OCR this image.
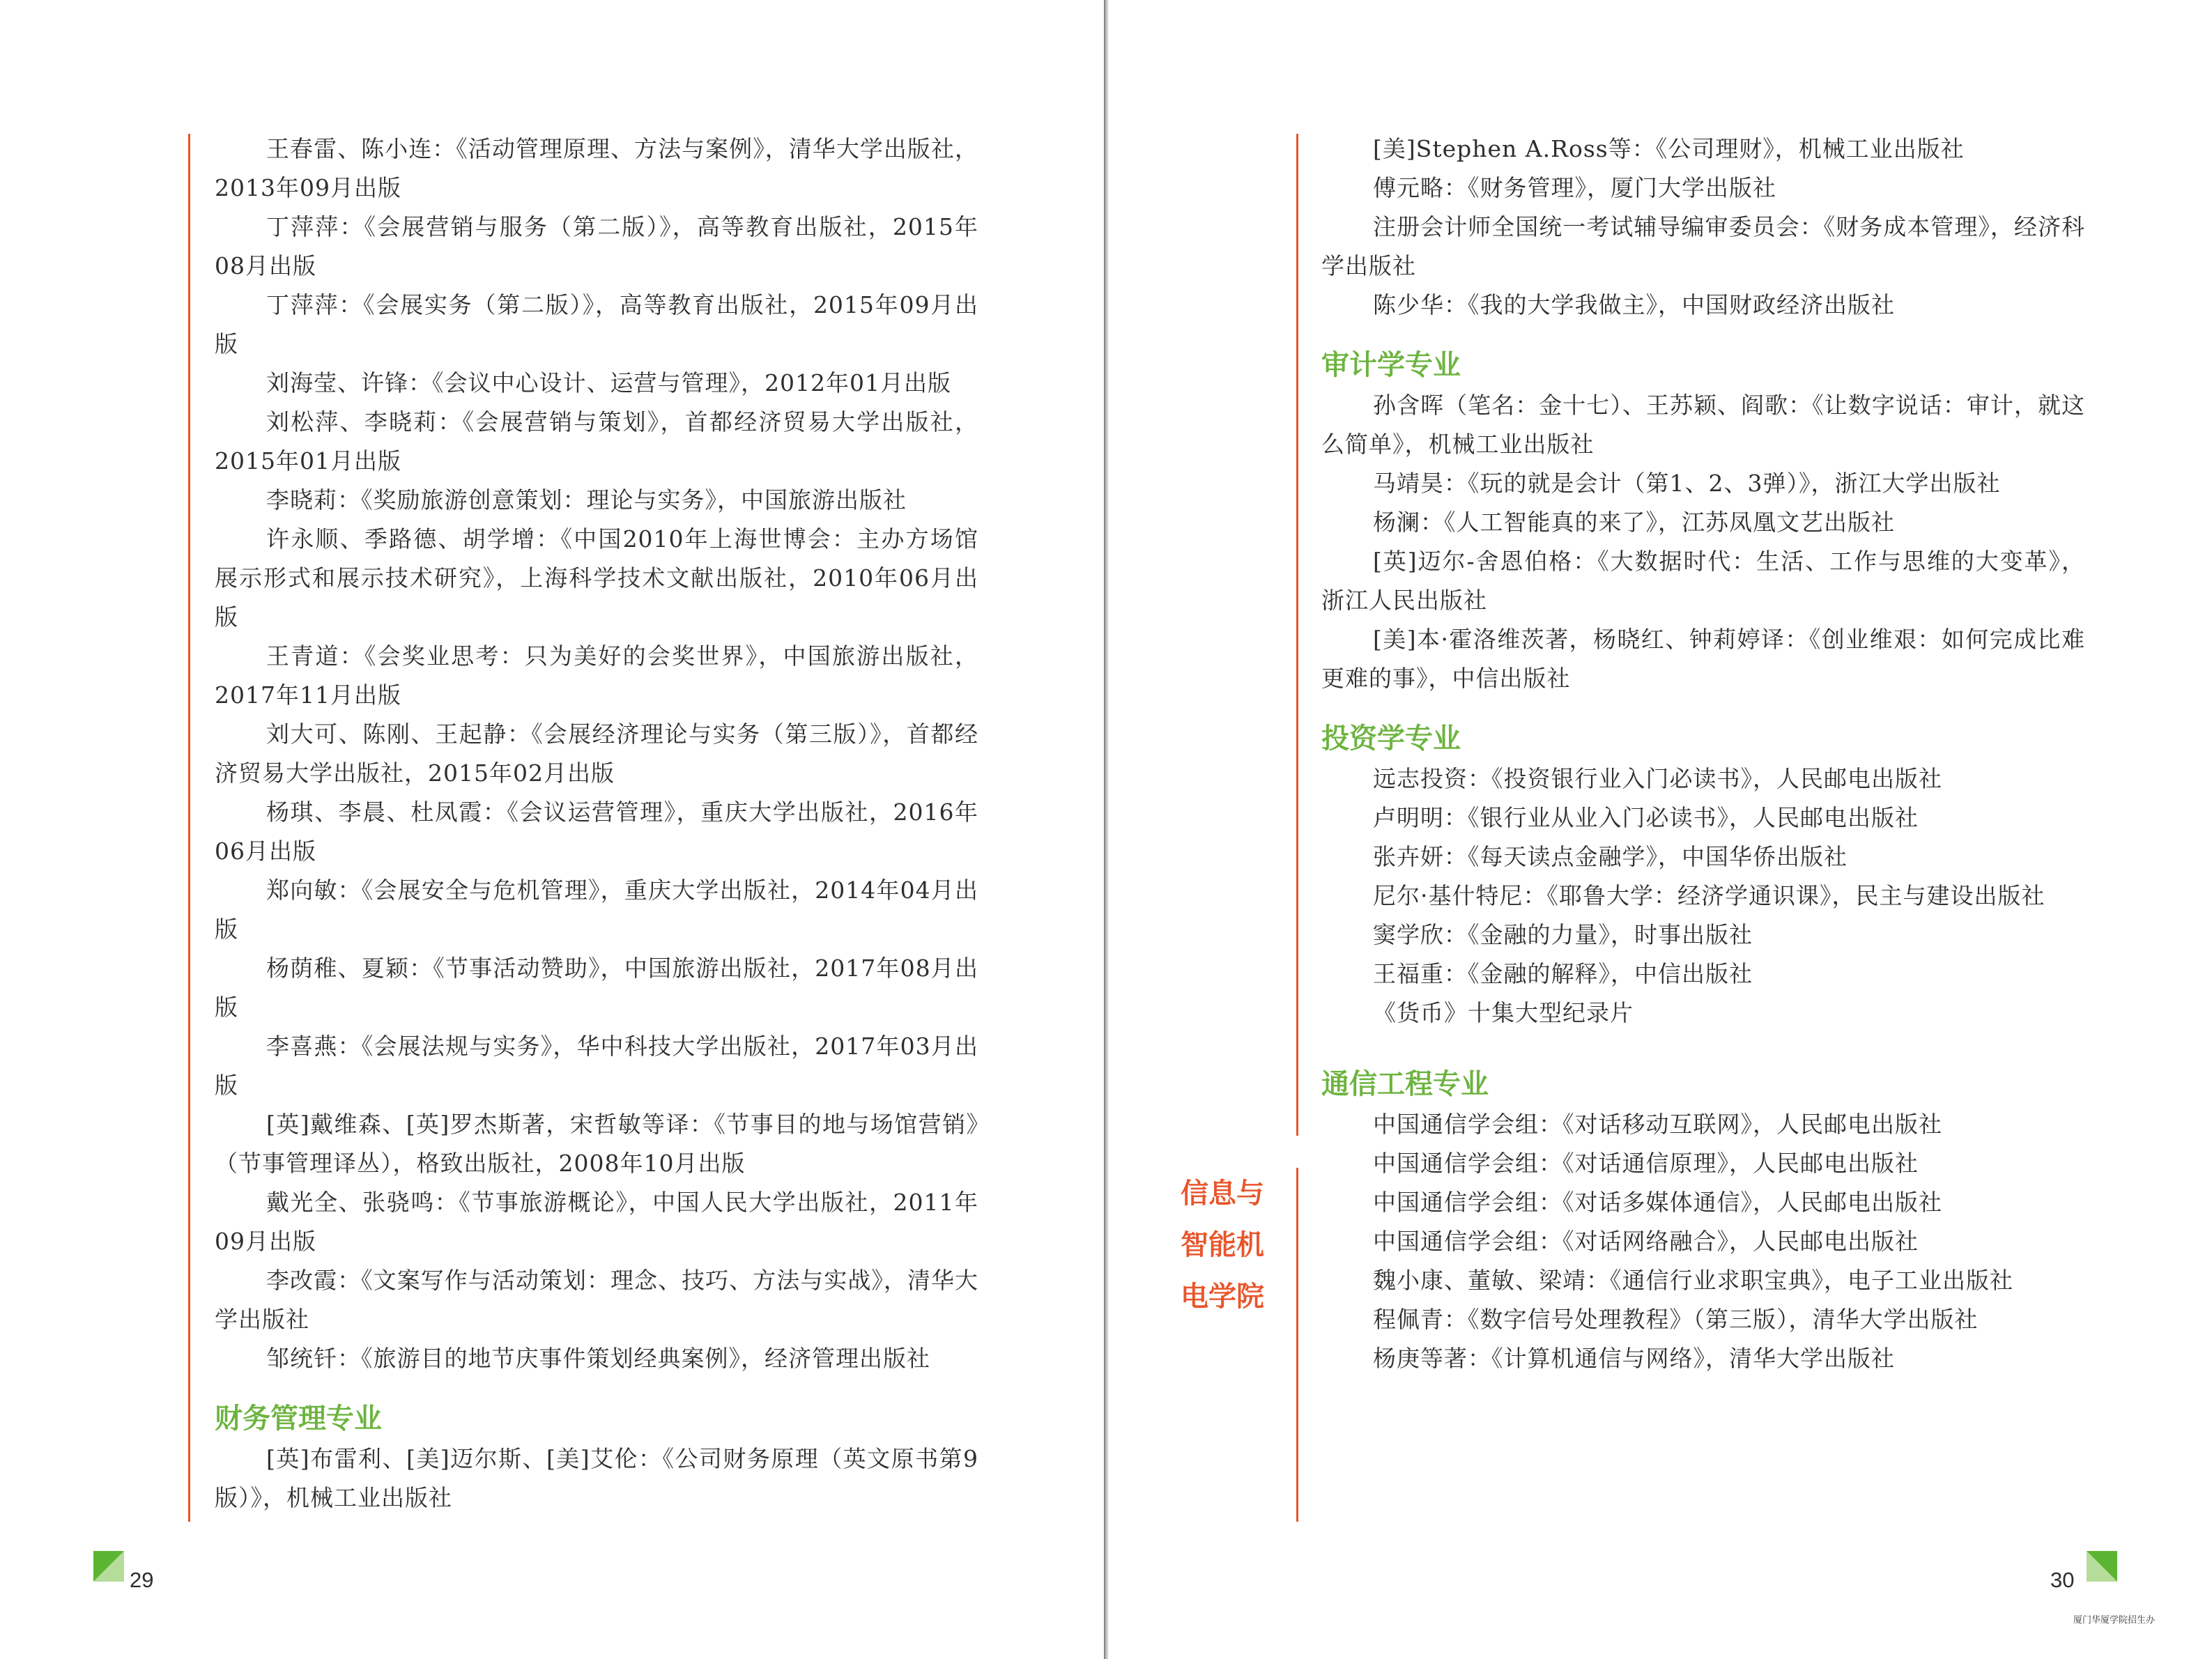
王春雷、陈小连：《活动管理原理、方法与案例》，清华大学出版社，2013年09月出版

丁萍萍：《会展营销与服务（第二版）》，高等教育出版社，2015年08月出版

丁萍萍：《会展实务（第二版）》，高等教育出版社，2015年09月出版

刘海莹、许锋：《会议中心设计、运营与管理》，2012年01月出版

刘松萍、李晓莉：《会展营销与策划》，首都经济贸易大学出版社，2015年01月出版

李晓莉：《奖励旅游创意策划：理论与实务》，中国旅游出版社

许永顺、季路德、胡学增：《中国2010年上海世博会：主办方场馆展示形式和展示技术研究》，上海科学技术文献出版社，2010年06月出版

王青道：《会奖业思考：只为美好的会奖世界》，中国旅游出版社，2017年11月出版

刘大可、陈刚、王起静：《会展经济理论与实务（第三版）》，首都经济贸易大学出版社，2015年02月出版

杨琪、李晨、杜凤霞：《会议运营管理》，重庆大学出版社，2016年06月出版

郑向敏：《会展安全与危机管理》，重庆大学出版社，2014年04月出版

杨荫稚、夏颖：《节事活动赞助》，中国旅游出版社，2017年08月出版

李喜燕：《会展法规与实务》，华中科技大学出版社，2017年03月出版

[英]戴维森、[英]罗杰斯著，宋哲敏等译：《节事目的地与场馆营销》（节事管理译丛），格致出版社，2008年10月出版

戴光全、张骁鸣：《节事旅游概论》，中国人民大学出版社，2011年09月出版

李改霞：《文案写作与活动策划：理念、技巧、方法与实战》，清华大学出版社

邹统钎：《旅游目的地节庆事件策划经典案例》，经济管理出版社

财务管理专业

[英]布雷利、[美]迈尔斯、[美]艾伦：《公司财务原理（英文原书第9版）》，机械工业出版社

29

[美]Stephen A.Ross等：《公司理财》，机械工业出版社

傅元略：《财务管理》，厦门大学出版社

注册会计师全国统一考试辅导编审委员会：《财务成本管理》，经济科学出版社

陈少华：《我的大学我做主》，中国财政经济出版社

审计学专业

孙含晖（笔名：金十七）、王苏颖、阎歌：《让数字说话：审计，就这么简单》，机械工业出版社

马靖昊：《玩的就是会计（第1、2、3弹）》，浙江大学出版社

杨澜：《人工智能真的来了》，江苏凤凰文艺出版社

[英]迈尔-舍恩伯格：《大数据时代：生活、工作与思维的大变革》，浙江人民出版社

[美]本·霍洛维茨著，杨晓红、钟莉婷译：《创业维艰：如何完成比难更难的事》，中信出版社

投资学专业

远志投资：《投资银行业入门必读书》，人民邮电出版社

卢明明：《银行业从业入门必读书》，人民邮电出版社

张卉妍：《每天读点金融学》，中国华侨出版社

尼尔·基什特尼：《耶鲁大学：经济学通识课》，民主与建设出版社

窦学欣：《金融的力量》，时事出版社

王福重：《金融的解释》，中信出版社

《货币》十集大型纪录片

通信工程专业

中国通信学会组：《对话移动互联网》，人民邮电出版社

中国通信学会组：《对话通信原理》，人民邮电出版社

中国通信学会组：《对话多媒体通信》，人民邮电出版社

中国通信学会组：《对话网络融合》，人民邮电出版社

魏小康、董敏、梁靖：《通信行业求职宝典》，电子工业出版社

程佩青：《数字信号处理教程》（第三版），清华大学出版社

杨庚等著：《计算机通信与网络》，清华大学出版社

信息与
智能机
电学院
30
厦门华厦学院招生办
